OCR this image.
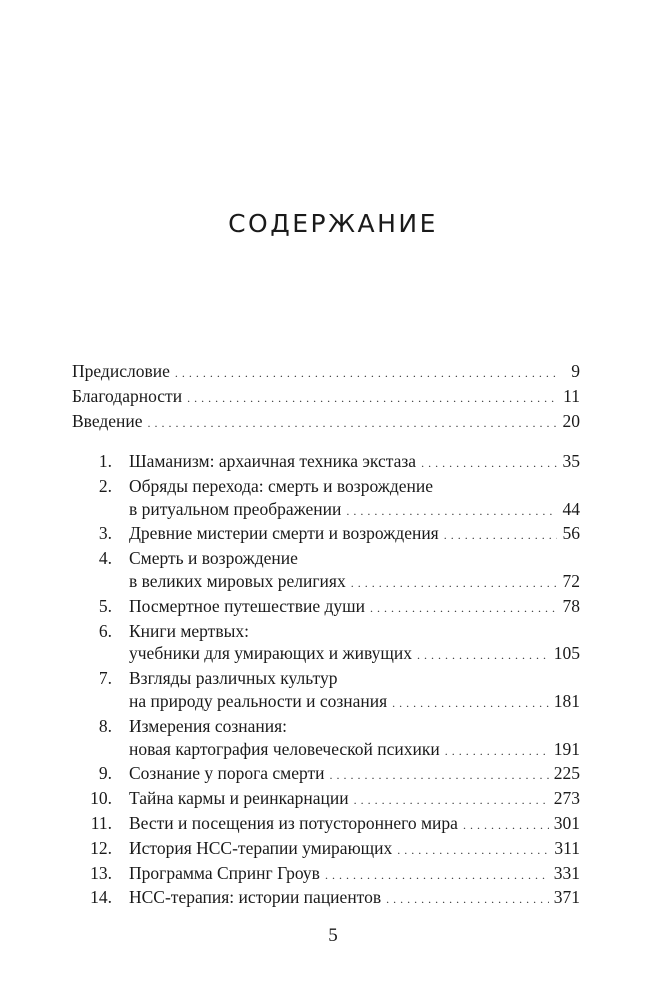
СОДЕРЖАНИЕ
Предисловие . . .	9
Благодарности . . .	11
Введение . . .	20
1. Шаманизм: архаичная техника экстаза . . .	35
2. Обряды перехода: смерть и возрождение
в ритуальном преображении . . .	44
3. Древние мистерии смерти и возрождения . . .	56
4. Смерть и возрождение
в великих мировых религиях . . .	72
5. Посмертное путешествие души . . .	78
6. Книги мертвых:
учебники для умирающих и живущих . . .	105
7. Взгляды различных культур
на природу реальности и сознания . . .	181
8. Измерения сознания:
новая картография человеческой психики . . .	191
9. Сознание у порога смерти . . .	225
10. Тайна кармы и реинкарнации . . .	273
11. Вести и посещения из потустороннего мира . . .	301
12. История НСС-терапии умирающих . . .	311
13. Программа Спринг Гроув . . .	331
14. НСС-терапия: истории пациентов . . .	371
5
